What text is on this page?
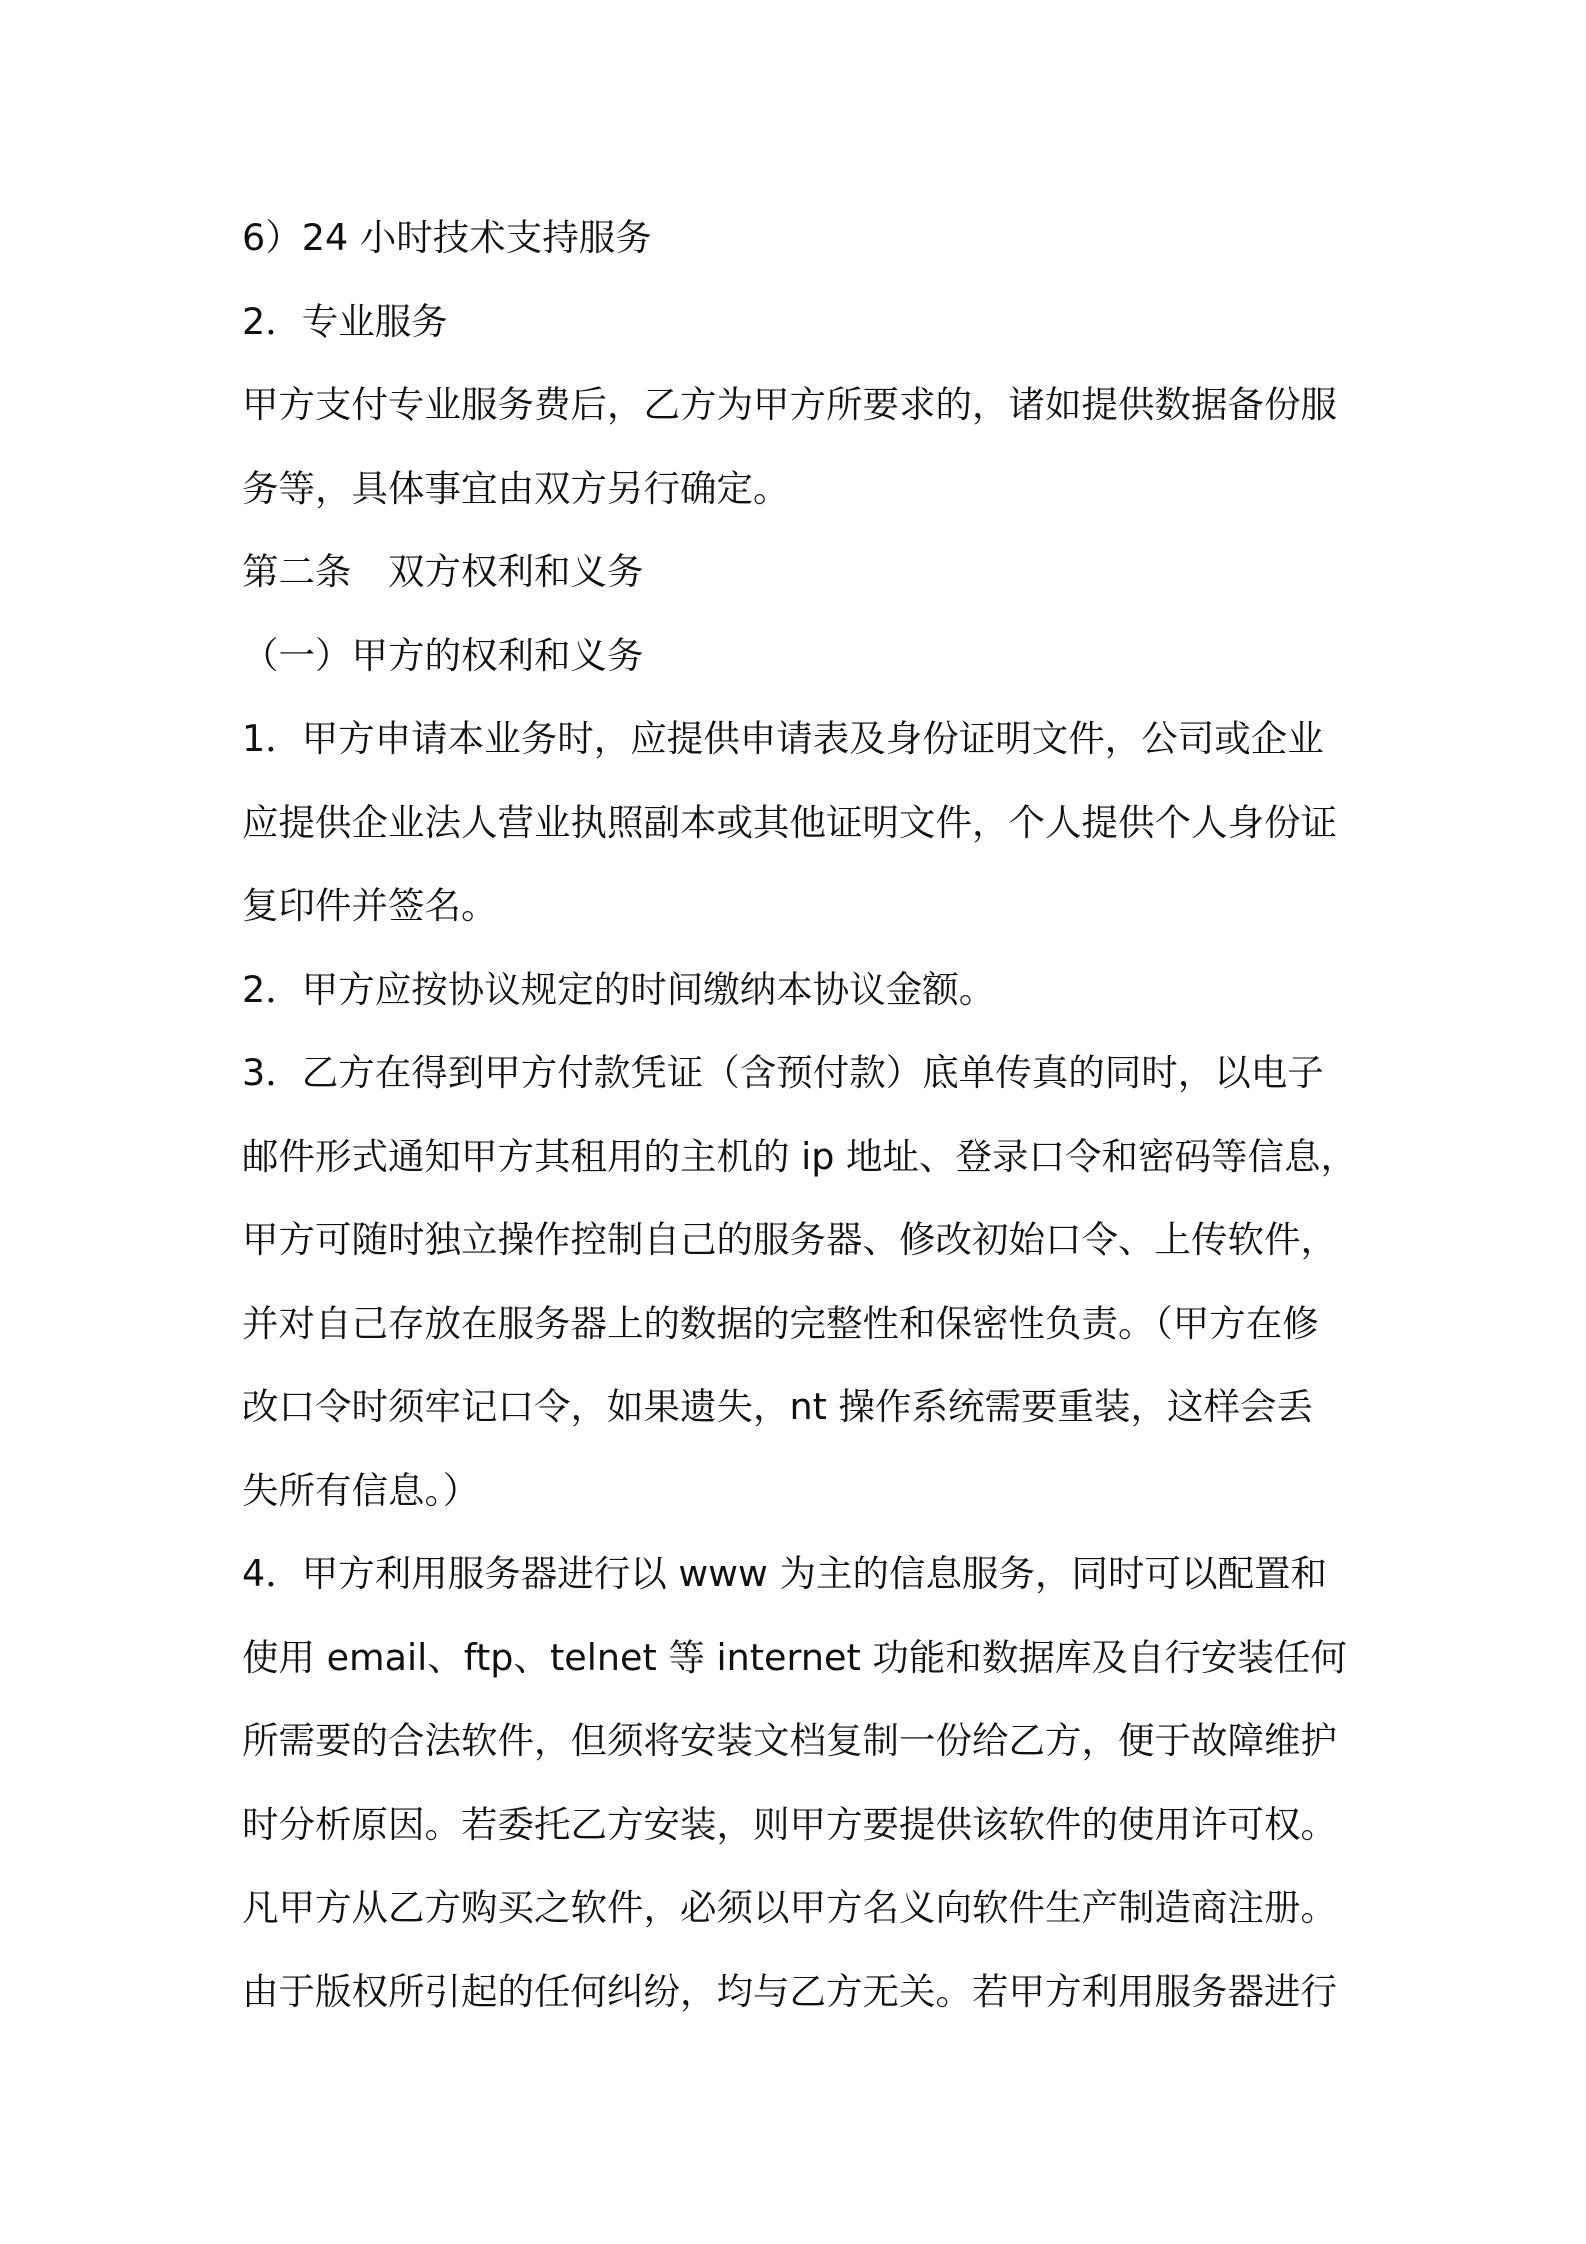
6）24 小时技术支持服务
2．专业服务
甲方支付专业服务费后，乙方为甲方所要求的，诸如提供数据备份服
务等，具体事宜由双方另行确定。
第二条　双方权利和义务
（一）甲方的权利和义务
1．甲方申请本业务时，应提供申请表及身份证明文件，公司或企业
应提供企业法人营业执照副本或其他证明文件，个人提供个人身份证
复印件并签名。
2．甲方应按协议规定的时间缴纳本协议金额。
3．乙方在得到甲方付款凭证（含预付款）底单传真的同时，以电子
邮件形式通知甲方其租用的主机的 ip 地址、登录口令和密码等信息，
甲方可随时独立操作控制自己的服务器、修改初始口令、上传软件，
并对自己存放在服务器上的数据的完整性和保密性负责。（甲方在修
改口令时须牢记口令，如果遗失，nt 操作系统需要重装，这样会丢
失所有信息。）
4．甲方利用服务器进行以 www 为主的信息服务，同时可以配置和
使用 email、ftp、telnet 等 internet 功能和数据库及自行安装任何
所需要的合法软件，但须将安装文档复制一份给乙方，便于故障维护
时分析原因。若委托乙方安装，则甲方要提供该软件的使用许可权。
凡甲方从乙方购买之软件，必须以甲方名义向软件生产制造商注册。
由于版权所引起的任何纠纷，均与乙方无关。若甲方利用服务器进行
